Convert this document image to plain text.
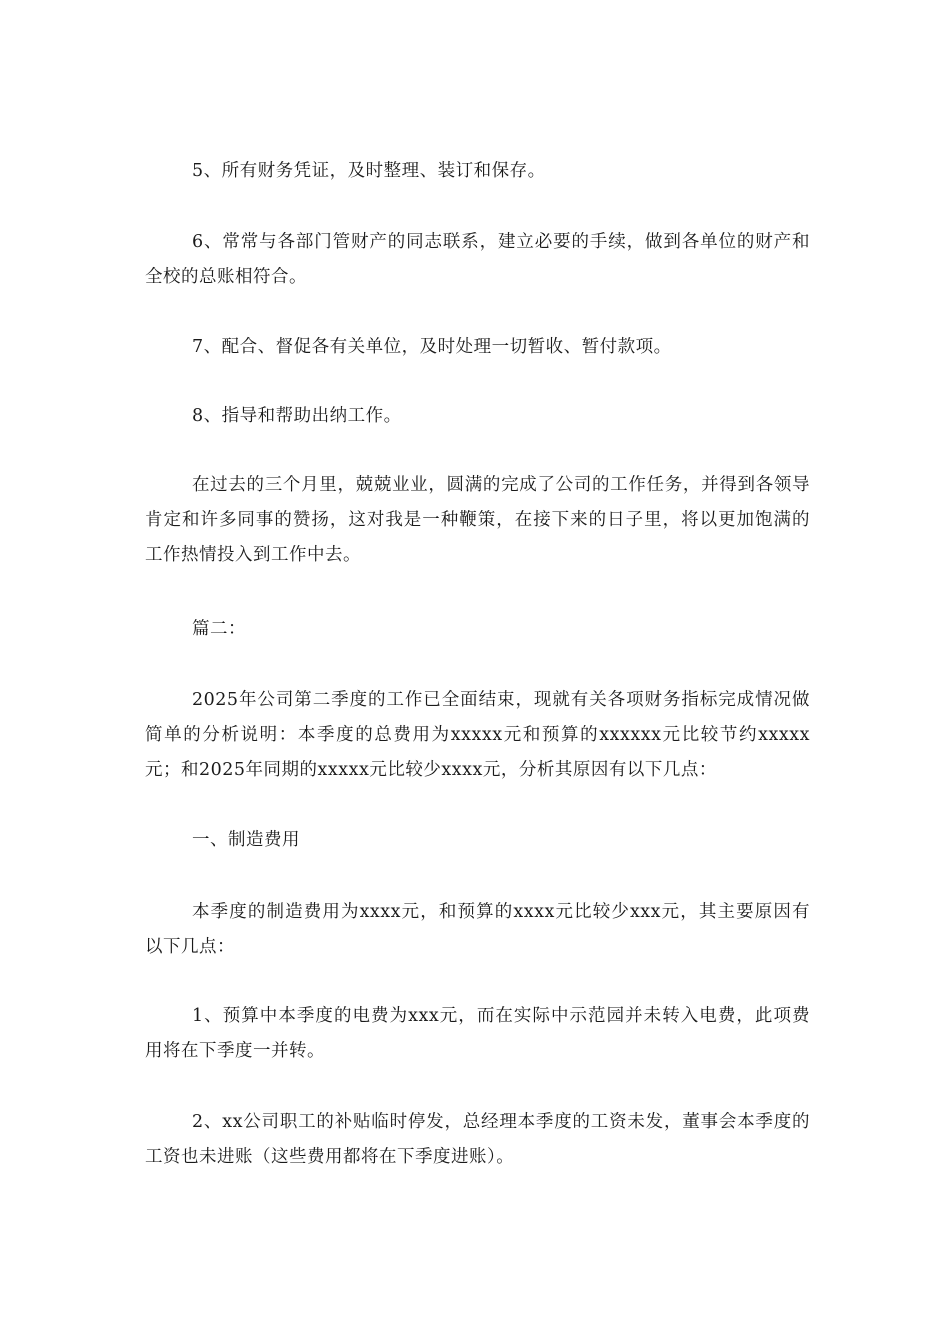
5、所有财务凭证，及时整理、装订和保存。

6、常常与各部门管财产的同志联系，建立必要的手续，做到各单位的财产和全校的总账相符合。

7、配合、督促各有关单位，及时处理一切暂收、暂付款项。

8、指导和帮助出纳工作。

在过去的三个月里，兢兢业业，圆满的完成了公司的工作任务，并得到各领导肯定和许多同事的赞扬，这对我是一种鞭策，在接下来的日子里，将以更加饱满的工作热情投入到工作中去。

篇二：

2025年公司第二季度的工作已全面结束，现就有关各项财务指标完成情况做简单的分析说明：本季度的总费用为xxxxx元和预算的xxxxxx元比较节约xxxxx元；和2025年同期的xxxxx元比较少xxxx元，分析其原因有以下几点：

一、制造费用

本季度的制造费用为xxxx元，和预算的xxxx元比较少xxx元，其主要原因有以下几点：

1、预算中本季度的电费为xxx元，而在实际中示范园并未转入电费，此项费用将在下季度一并转。

2、xx公司职工的补贴临时停发，总经理本季度的工资未发，董事会本季度的工资也未进账（这些费用都将在下季度进账）。
